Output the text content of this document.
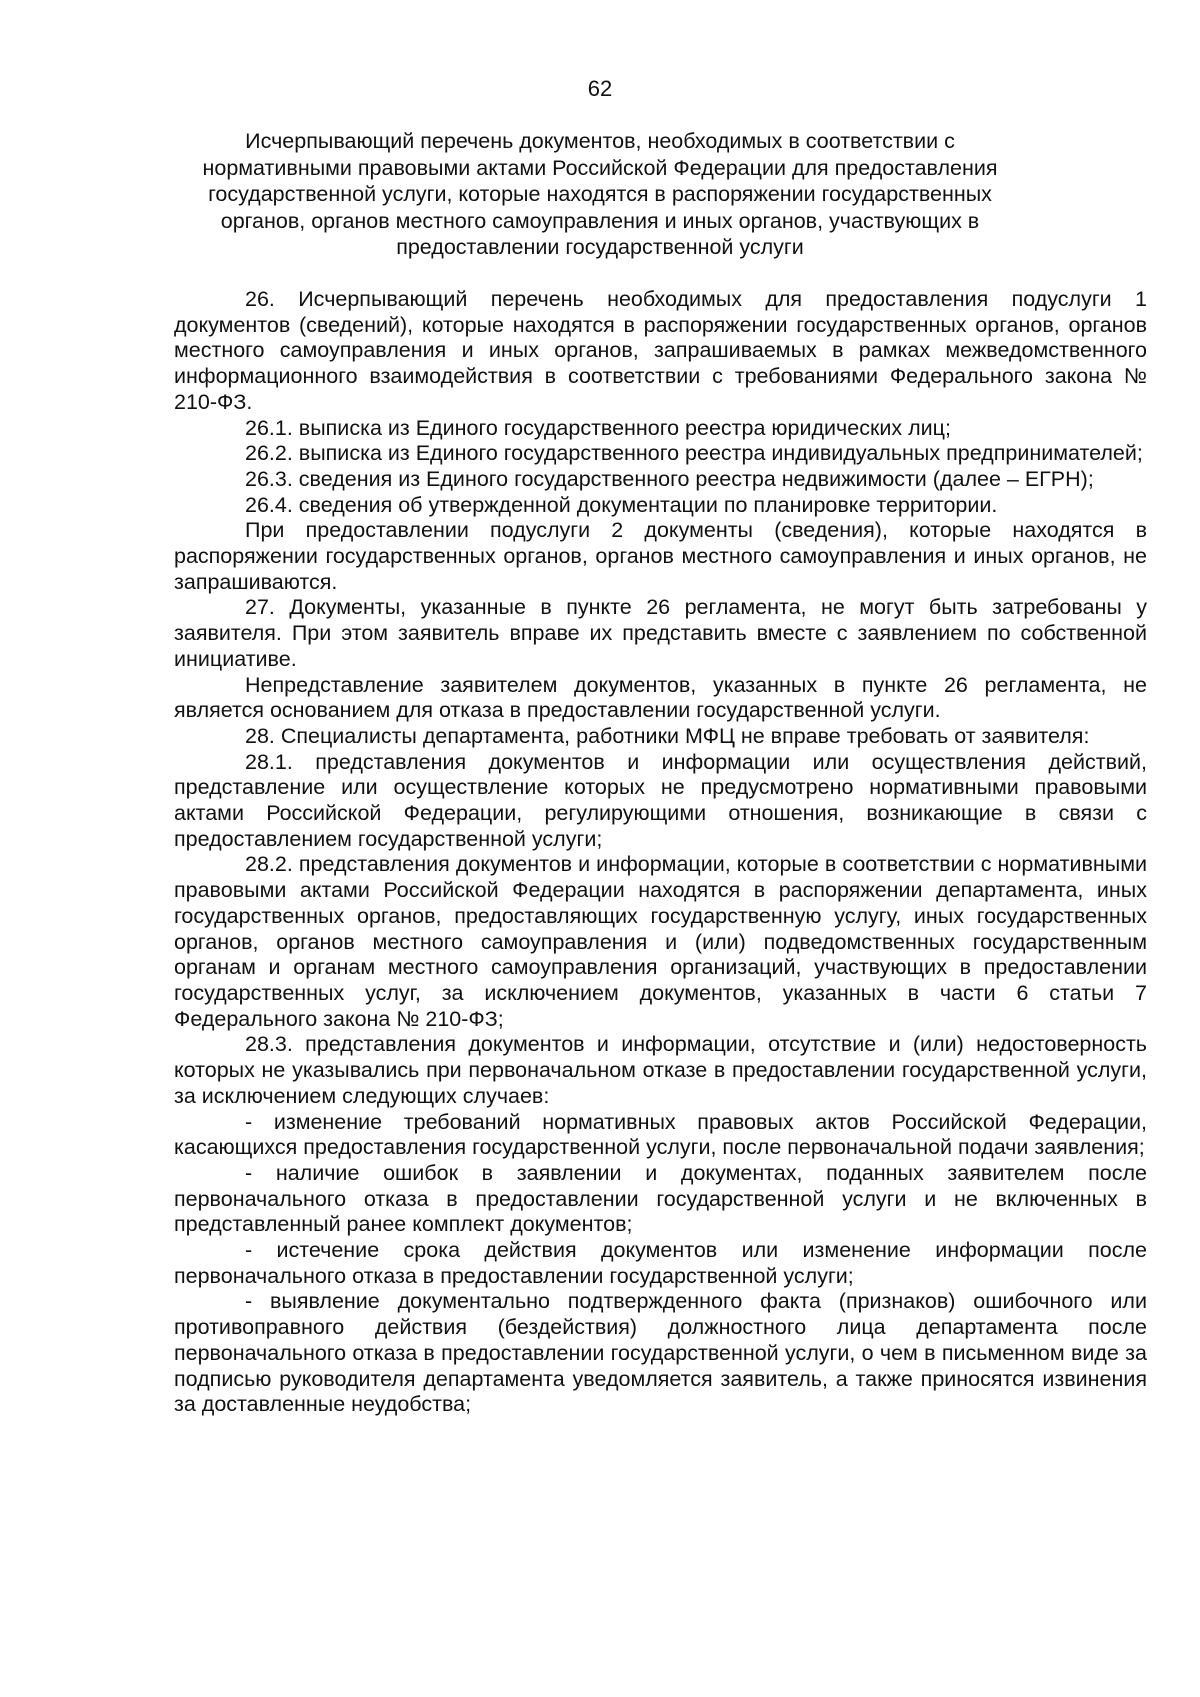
62
Исчерпывающий перечень документов, необходимых в соответствии с нормативными правовыми актами Российской Федерации для предоставления государственной услуги, которые находятся в распоряжении государственных органов, органов местного самоуправления и иных органов, участвующих в предоставлении государственной услуги

26. Исчерпывающий перечень необходимых для предоставления подуслуги 1 документов (сведений), которые находятся в распоряжении государственных органов, органов местного самоуправления и иных органов, запрашиваемых в рамках межведомственного информационного взаимодействия в соответствии с требованиями Федерального закона № 210-ФЗ.

26.1. выписка из Единого государственного реестра юридических лиц;

26.2. выписка из Единого государственного реестра индивидуальных предпринимателей;

26.3. сведения из Единого государственного реестра недвижимости (далее – ЕГРН);

26.4. сведения об утвержденной документации по планировке территории.

При предоставлении подуслуги 2 документы (сведения), которые находятся в распоряжении государственных органов, органов местного самоуправления и иных органов, не запрашиваются.

27. Документы, указанные в пункте 26 регламента, не могут быть затребованы у заявителя. При этом заявитель вправе их представить вместе с заявлением по собственной инициативе.

Непредставление заявителем документов, указанных в пункте 26 регламента, не является основанием для отказа в предоставлении государственной услуги.

28. Специалисты департамента, работники МФЦ не вправе требовать от заявителя:

28.1. представления документов и информации или осуществления действий, представление или осуществление которых не предусмотрено нормативными правовыми актами Российской Федерации, регулирующими отношения, возникающие в связи с предоставлением государственной услуги;

28.2. представления документов и информации, которые в соответствии с нормативными правовыми актами Российской Федерации находятся в распоряжении департамента, иных государственных органов, предоставляющих государственную услугу, иных государственных органов, органов местного самоуправления и (или) подведомственных государственным органам и органам местного самоуправления организаций, участвующих в предоставлении государственных услуг, за исключением документов, указанных в части 6 статьи 7 Федерального закона № 210-ФЗ;

28.3. представления документов и информации, отсутствие и (или) недостоверность которых не указывались при первоначальном отказе в предоставлении государственной услуги, за исключением следующих случаев:

- изменение требований нормативных правовых актов Российской Федерации, касающихся предоставления государственной услуги, после первоначальной подачи заявления;

- наличие ошибок в заявлении и документах, поданных заявителем после первоначального отказа в предоставлении государственной услуги и не включенных в представленный ранее комплект документов;

- истечение срока действия документов или изменение информации после первоначального отказа в предоставлении государственной услуги;

- выявление документально подтвержденного факта (признаков) ошибочного или противоправного действия (бездействия) должностного лица департамента после первоначального отказа в предоставлении государственной услуги, о чем в письменном виде за подписью руководителя департамента уведомляется заявитель, а также приносятся извинения за доставленные неудобства;
